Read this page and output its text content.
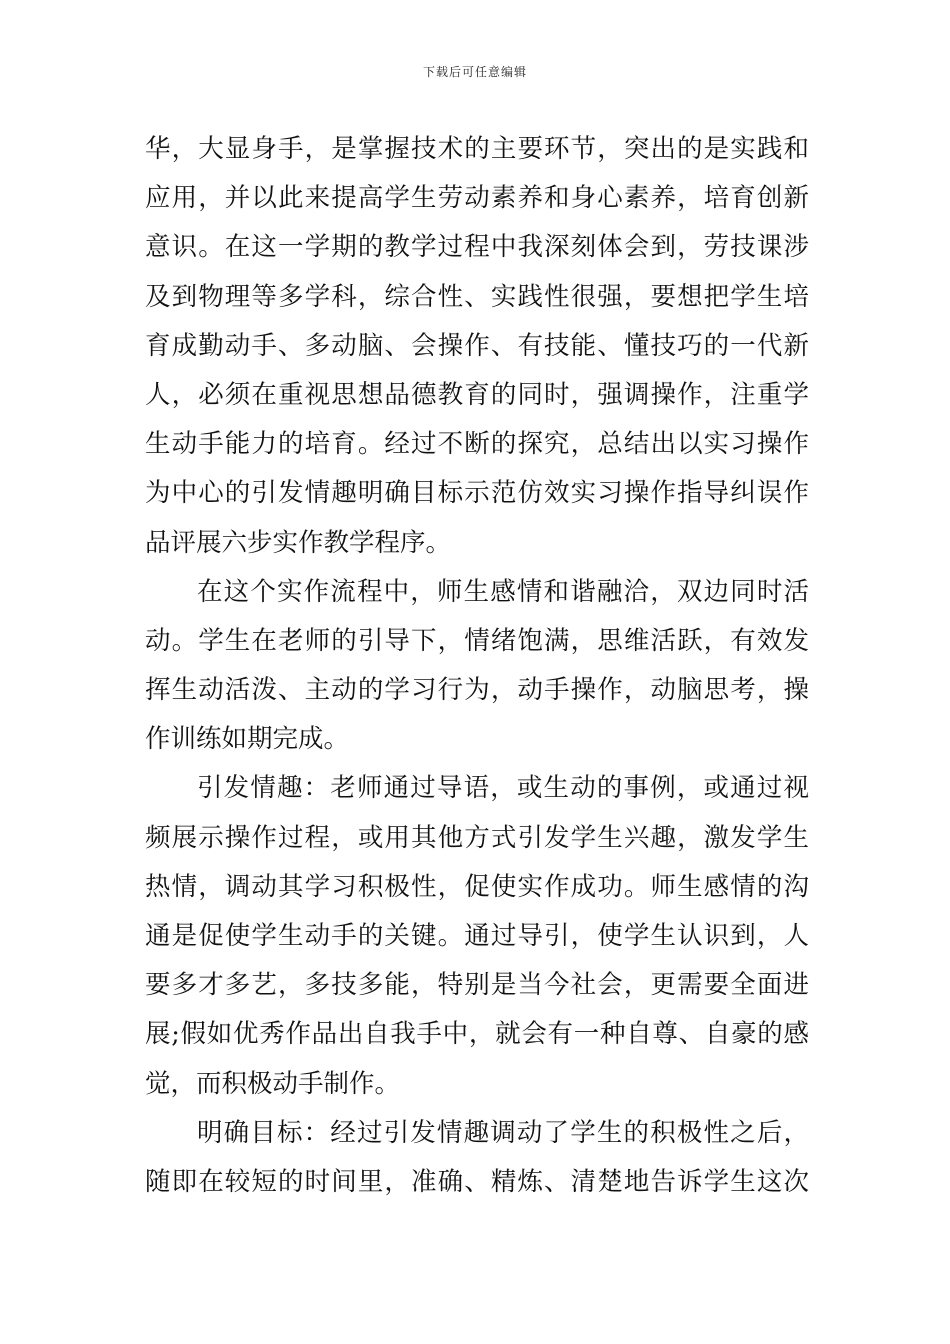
下载后可任意编辑
华，大显身手，是掌握技术的主要环节，突出的是实践和
应用，并以此来提高学生劳动素养和身心素养，培育创新
意识。在这一学期的教学过程中我深刻体会到，劳技课涉
及到物理等多学科，综合性、实践性很强，要想把学生培
育成勤动手、多动脑、会操作、有技能、懂技巧的一代新
人，必须在重视思想品德教育的同时，强调操作，注重学
生动手能力的培育。经过不断的探究，总结出以实习操作
为中心的引发情趣明确目标示范仿效实习操作指导纠误作
品评展六步实作教学程序。
在这个实作流程中，师生感情和谐融洽，双边同时活
动。学生在老师的引导下，情绪饱满，思维活跃，有效发
挥生动活泼、主动的学习行为，动手操作，动脑思考，操
作训练如期完成。
引发情趣：老师通过导语，或生动的事例，或通过视
频展示操作过程，或用其他方式引发学生兴趣，激发学生
热情，调动其学习积极性，促使实作成功。师生感情的沟
通是促使学生动手的关键。通过导引，使学生认识到，人
要多才多艺，多技多能，特别是当今社会，更需要全面进
展;假如优秀作品出自我手中，就会有一种自尊、自豪的感
觉，而积极动手制作。
明确目标：经过引发情趣调动了学生的积极性之后，
随即在较短的时间里，准确、精炼、清楚地告诉学生这次
